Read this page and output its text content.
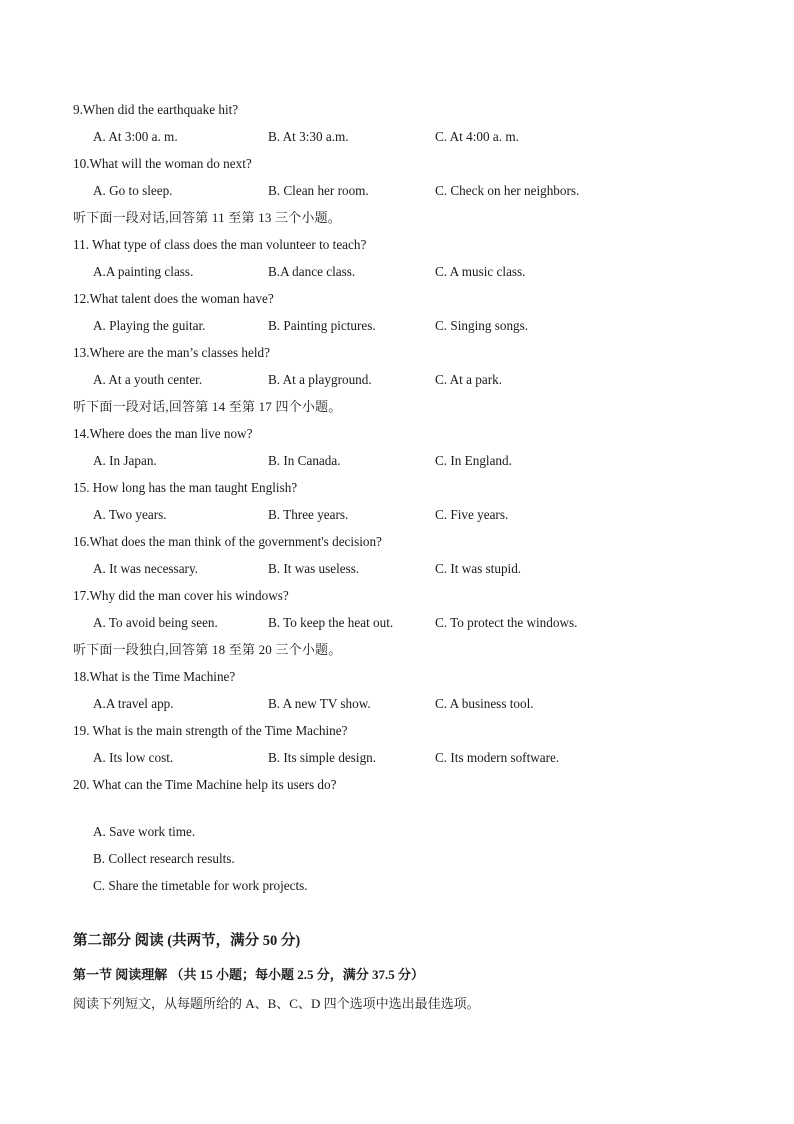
9.When did the earthquake hit?
A. At 3:00 a. m.	B. At 3:30 a.m.	C. At 4:00 a. m.
10.What will the woman do next?
A. Go to sleep.	B. Clean her room.	C. Check on her neighbors.
听下面一段对话,回答第 11 至第 13 三个小题。
11. What type of class does the man volunteer to teach?
A.A painting class.	B.A dance class.	C. A music class.
12.What talent does the woman have?
A. Playing the guitar.	B. Painting pictures.	C. Singing songs.
13.Where are the man’s classes held?
A. At a youth center.	B. At a playground.	C. At a park.
听下面一段对话,回答第 14 至第 17 四个小题。
14.Where does the man live now?
A. In Japan.	B. In Canada.	C. In England.
15. How long has the man taught English?
A. Two years.	B. Three years.	C. Five years.
16.What does the man think of the government's decision?
A. It was necessary.	B. It was useless.	C. It was stupid.
17.Why did the man cover his windows?
A. To avoid being seen.	B. To keep the heat out.	C. To protect the windows.
听下面一段独白,回答第 18 至第 20 三个小题。
18.What is the Time Machine?
A.A travel app.	B. A new TV show.	C. A business tool.
19. What is the main strength of the Time Machine?
A. Its low cost.	B. Its simple design.	C. Its modern software.
20. What can the Time Machine help its users do?
A. Save work time.
B. Collect research results.
C. Share the timetable for work projects.
第二部分 阅读 (共两节，满分 50 分)
第一节 阅读理解 （共 15 小题；每小题 2.5 分，满分 37.5 分）
阅读下列短文，从每题所给的 A、B、C、D 四个选项中选出最佳选项。
